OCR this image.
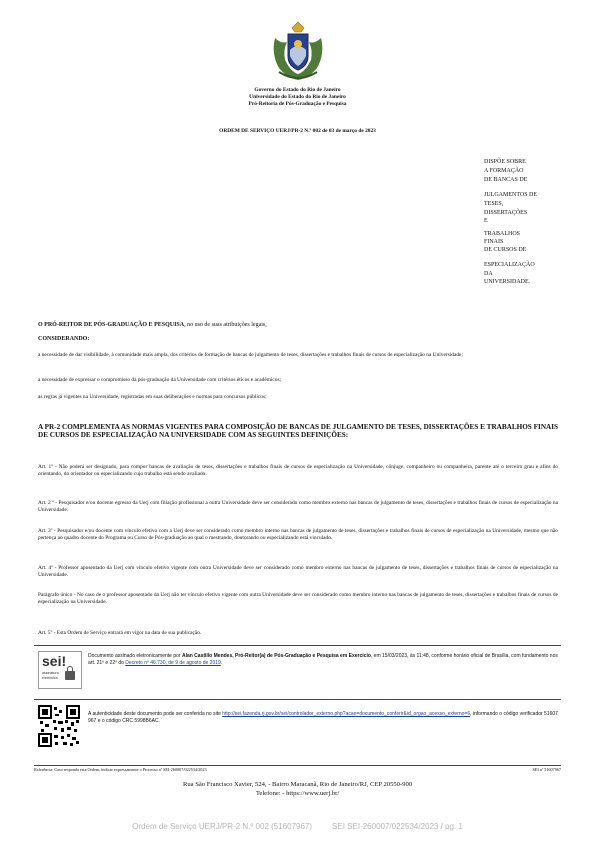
Governo do Estado do Rio de Janeiro
Universidade do Estado do Rio de Janeiro
Pró-Reitoria de Pós-Graduação e Pesquisa
ORDEM DE SERVIÇO UERJ/PR-2 N.º 002 de 03 de março de 2023
DISPÕE SOBRE
A FORMAÇÃO
DE BANCAS DE
JULGAMENTOS DE
TESES,
DISSERTAÇÕES
E
TRABALHOS
FINAIS
DE CURSOS DE
ESPECIALIZAÇÃO
DA
UNIVERSIDADE.
O PRÓ-REITOR DE PÓS-GRADUAÇÃO E PESQUISA, no uso de suas atribuições legais,
CONSIDERANDO:
a necessidade de dar visibilidade, à comunidade mais ampla, dos critérios de formação de bancas de julgamento de teses, dissertações e trabalhos finais de cursos de especialização na Universidade;
a necessidade de expressar o compromisso da pós-graduação da Universidade com critérios éticos e acadêmicos;
as regras já vigentes na Universidade, registradas em suas deliberações e normas para concursos públicos;
A PR-2 COMPLEMENTA AS NORMAS VIGENTES PARA COMPOSIÇÃO DE BANCAS DE JULGAMENTO DE TESES, DISSERTAÇÕES E TRABALHOS FINAIS DE CURSOS DE ESPECIALIZAÇÃO NA UNIVERSIDADE COM AS SEGUINTES DEFINIÇÕES:
Art. 1º - Não poderá ser designado, para compor bancas de avaliação de teses, dissertações e trabalhos finais de cursos de especialização na Universidade, cônjuge, companheiro ou companheira, parente até o terceiro grau e afins do orientando, do orientador ou especializando cujo trabalho está sendo avaliado.
Art. 2 º - Pesquisador e/ou docente egresso da Uerj com filiação profissional a outra Universidade deve ser considerado como membro externo nas bancas de julgamento de teses, dissertações e trabalhos finais de cursos de especialização na Universidade.
Art. 3º - Pesquisador e/ou docente com vínculo efetivo com a Uerj deve ser considerado como membro interno nas bancas de julgamento de teses, dissertações e trabalhos finais de cursos de especialização na Universidade, mesmo que não pertença ao quadro docente do Programa ou Curso de Pós-graduação ao qual o mestrando, doutorando ou especializando está vinculado.
Art. 4º - Professor aposentado da Uerj com vínculo efetivo vigente com outra Universidade deve ser considerado como membro externo nas bancas de julgamento de teses, dissertações e trabalhos finais de cursos de especialização na Universidade.
Parágrafo único - No caso de o professor aposentado da Uerj não ter vínculo efetivo vigente com outra Universidade deve ser considerado como membro interno nas bancas de julgamento de teses, dissertações e trabalhos finais de cursos de especialização na Universidade.
Art. 5º - Esta Ordem de Serviço entrará em vigor na data de sua publicação.
sei!
assinatura
eletrônica
Documento assinado eletronicamente por Alan Castillo Mendes, Pró-Reitor(a) de Pós-Graduação e Pesquisa em Exercício, em 15/03/2023, às 11:48, conforme horário oficial de Brasília, com fundamento nos art. 21º e 22º do Decreto nº 46.730, de 9 de agosto de 2019.
A autenticidade deste documento pode ser conferida no site http://sei.fazenda.rj.gov.br/sei/controlador_externo.php?acao=documento_conferir&id_orgao_acesso_externo=6, informando o código verificador 51607967 e o código CRC 5998B6AC.
Referência: Caso responda esta Ordem, indicar expressamente o Processo nº SEI-260007/022534/2023	SEI nº 51607967
Rua São Francisco Xavier, 524, - Bairro Maracanã, Rio de Janeiro/RJ, CEP 20550-900
Telefone: - https://www.uerj.br/
Ordem de Serviço UERJ/PR-2 N.º 002 (51607967)         SEI SEI-260007/022534/2023 / pg. 1
